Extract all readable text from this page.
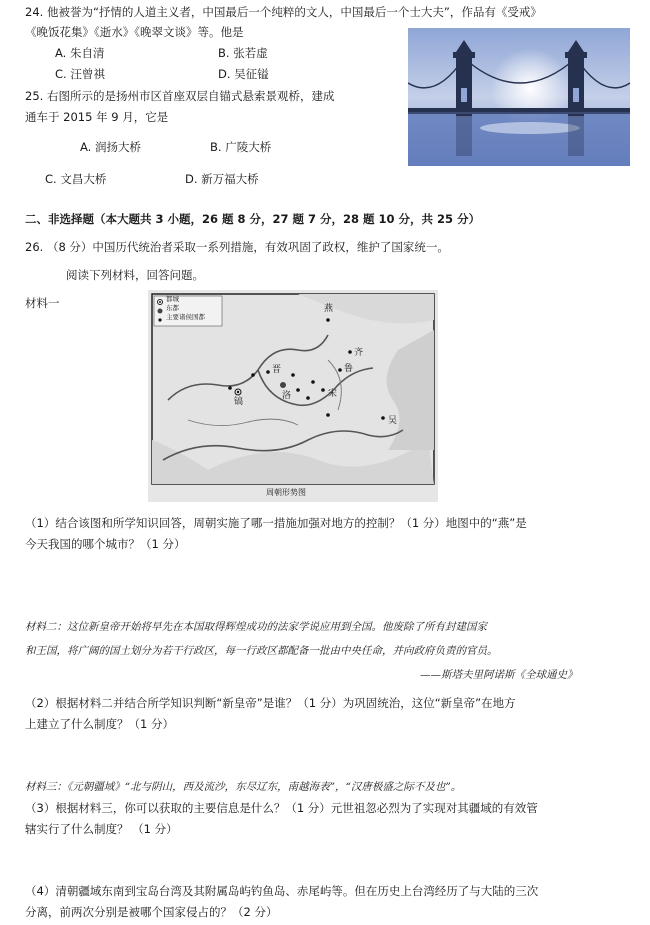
24. 他被誉为“抒情的人道主义者，中国最后一个纯粹的文人，中国最后一个士大夫”，作品有《受戒》
《晚饭花集》《逝水》《晚翠文谈》等。他是
A. 朱自清	B. 张若虚
C. 汪曾祺	D. 吴征镒
25. 右图所示的是扬州市区首座双层自锚式悬索景观桥，建成
通车于 2015 年 9 月，它是
A. 润扬大桥	B. 广陵大桥
C. 文昌大桥	D. 新万福大桥
二、非选择题（本大题共 3 小题，26 题 8 分，27 题 7 分，28 题 10 分，共 25 分）
26. （8 分）中国历代统治者采取一系列措施，有效巩固了政权，维护了国家统一。
阅读下列材料，回答问题。
材料一	都城
东都
主要诸侯国都
燕
齐
晋	鲁
镐
洛	宋
吴
周朝形势图
（1）结合该图和所学知识回答，周朝实施了哪一措施加强对地方的控制？（1 分）地图中的“燕”是
今天我国的哪个城市？（1 分）
材料二：这位新皇帝开始将早先在本国取得辉煌成功的法家学说应用到全国。他废除了所有封建国家
和王国，将广阔的国土划分为若干行政区，每一行政区都配备一批由中央任命，并向政府负责的官员。
——斯塔夫里阿诺斯《全球通史》
（2）根据材料二并结合所学知识判断“新皇帝”是谁？（1 分）为巩固统治，这位“新皇帝”在地方
上建立了什么制度？（1 分）
材料三：《元朝疆域》“北与阴山，西及流沙，东尽辽东，南越海表”，“汉唐极盛之际不及也”。
（3）根据材料三，你可以获取的主要信息是什么？（1 分）元世祖忽必烈为了实现对其疆域的有效管
辖实行了什么制度？ （1 分）
（4）清朝疆域东南到宝岛台湾及其附属岛屿钓鱼岛、赤尾屿等。但在历史上台湾经历了与大陆的三次
分离，前两次分别是被哪个国家侵占的？（2 分）
